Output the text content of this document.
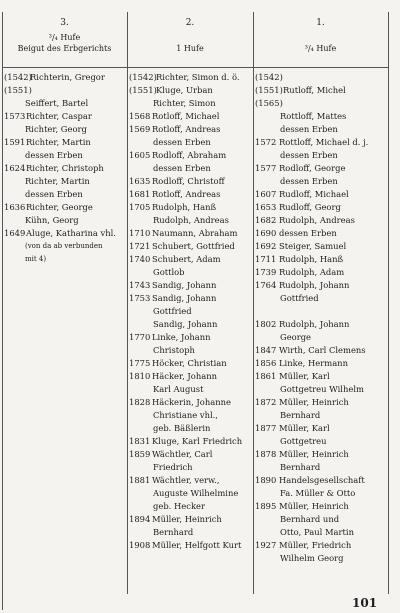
3.
³/₄ Hufe
Beigut des Erbgerichts
2.
1 Hufe
1.
³/₄ Hufe
(1542)
Richterin, Gregor
(1551)
Seiffert, Bartel
1573 Richter, Caspar
Richter, Georg
1591 Richter, Martin
dessen Erben
1624 Richter, Christoph
Richter, Martin
dessen Erben
1636 Richter, George
Kühn, Georg
1649 Aluge, Katharina vhl.
(von da ab verbunden
mit 4)
(1542) Richter, Simon d. ö.
(1551) Kluge, Urban
Richter, Simon
1568 Rotloff, Michael
1569 Rotloff, Andreas
dessen Erben
1605 Rodloff, Abraham
dessen Erben
1635 Rodloff, Christoff
1681 Rotloff, Andreas
1705 Rudolph, Hanß
Rudolph, Andreas
1710 Naumann, Abraham
1721 Schubert, Gottfried
1740 Schubert, Adam
Gottlob
1743 Sandig, Johann
1753 Sandig, Johann
Gottfried
Sandig, Johann
1770 Linke, Johann
Christoph
1775 Höcker, Christian
1810 Häcker, Johann
Karl August
1828 Häckerin, Johanne
Christiane vhl.,
geb. Bäßlerin
1831 Kluge, Karl Friedrich
1859 Wächtler, Carl
Friedrich
1881 Wächtler, verw.,
Auguste Wilhelmine
geb. Hecker
1894 Müller, Heinrich
Bernhard
1908 Müller, Helfgott Kurt
(1542)
(1551) Rutloff, Michel
(1565)
Rottloff, Mattes
dessen Erben
1572 Rottloff, Michael d. j.
dessen Erben
1577 Rodloff, George
dessen Erben
1607 Rudloff, Michael
1653 Rudloff, Georg
1682 Rudolph, Andreas
1690 dessen Erben
1692 Steiger, Samuel
1711 Rudolph, Hanß
1739 Rudolph, Adam
1764 Rudolph, Johann
Gottfried
1802 Rudolph, Johann
George
1847 Wirth, Carl Clemens
1856 Linke, Hermann
1861 Müller, Karl
Gottgetreu Wilhelm
1872 Müller, Heinrich
Bernhard
1877 Müller, Karl
Gottgetreu
1878 Müller, Heinrich
Bernhard
1890 Handelsgesellschaft
Fa. Müller & Otto
1895 Müller, Heinrich
Bernhard und
Otto, Paul Martin
1927 Müller, Friedrich
Wilhelm Georg
101
